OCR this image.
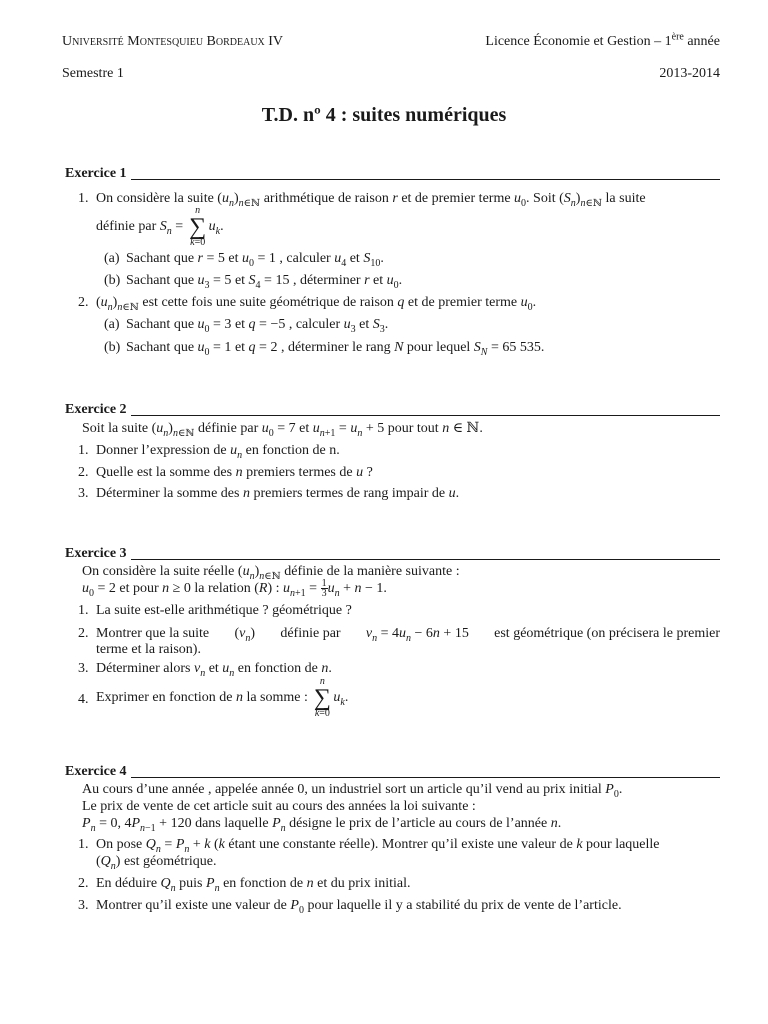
Université Montesquieu Bordeaux IV	Licence Économie et Gestion – 1ère année
Semestre 1	2013-2014
T.D. nº 4 : suites numériques
Exercice 1
1. On considère la suite $(u_n)_{n\in ℕ}$ arithmétique de raison r et de premier terme $u_0$. Soit $(S_n)_{n\in ℕ}$ la suite
définie par $S_n$ =
n
∑
k=0
$u_k$.
(a) Sachant que r = 5 et $u_0 = 1$ , calculer $u_4$ et $S_{10}$.
(b) Sachant que $u_3 = 5$ et $S_4 = 15$ , déterminer r et $u_0$.
2. $(u_n)_{n\in ℕ}$ est cette fois une suite géométrique de raison q et de premier terme $u_0$.
(a) Sachant que $u_0 = 3$ et q = −5 , calculer $u_3$ et $S_3$.
(b) Sachant que $u_0 = 1$ et q = 2 , déterminer le rang N pour lequel $S_N = 65$ 535.
Exercice 2
Soit la suite $(u_n)_{n\in ℕ}$ définie par $u_0 = 7$ et $u_{n+1} = u_n + 5$ pour tout n ∈ ℕ.
1. Donner l’expression de $u_n$ en fonction de n.
2. Quelle est la somme des n premiers termes de u ?
3. Déterminer la somme des n premiers termes de rang impair de u.
Exercice 3
On considère la suite réelle $(u_n)_{n\in ℕ}$ définie de la manière suivante :
$u_0 = 2$ et pour n ≥ 0 la relation (R) : $u_{n+1} = \frac{1}{3} u_n + n - 1$.
1. La suite est-elle arithmétique ? géométrique ?
2. Montrer que la suite $(v_n)$ définie par $v_n = 4u_n - 6n + 15$ est géométrique (on précisera le premier
terme et la raison).
3. Déterminer alors $v_n$ et $u_n$ en fonction de n.
4. Exprimer en fonction de n la somme :
n
∑
k=0
$u_k$.
Exercice 4
Au cours d’une année , appelée année 0, un industriel sort un article qu’il vend au prix initial $P_0$.
Le prix de vente de cet article suit au cours des années la loi suivante :
$P_n = 0$, $4P_{n-1} + 120$ dans laquelle $P_n$ désigne le prix de l’article au cours de l’année n.
1. On pose $Q_n = P_n + k$ (k étant une constante réelle). Montrer qu’il existe une valeur de k pour laquelle
$(Q_n)$ est géométrique.
2. En déduire $Q_n$ puis $P_n$ en fonction de n et du prix initial.
3. Montrer qu’il existe une valeur de $P_0$ pour laquelle il y a stabilité du prix de vente de l’article.
